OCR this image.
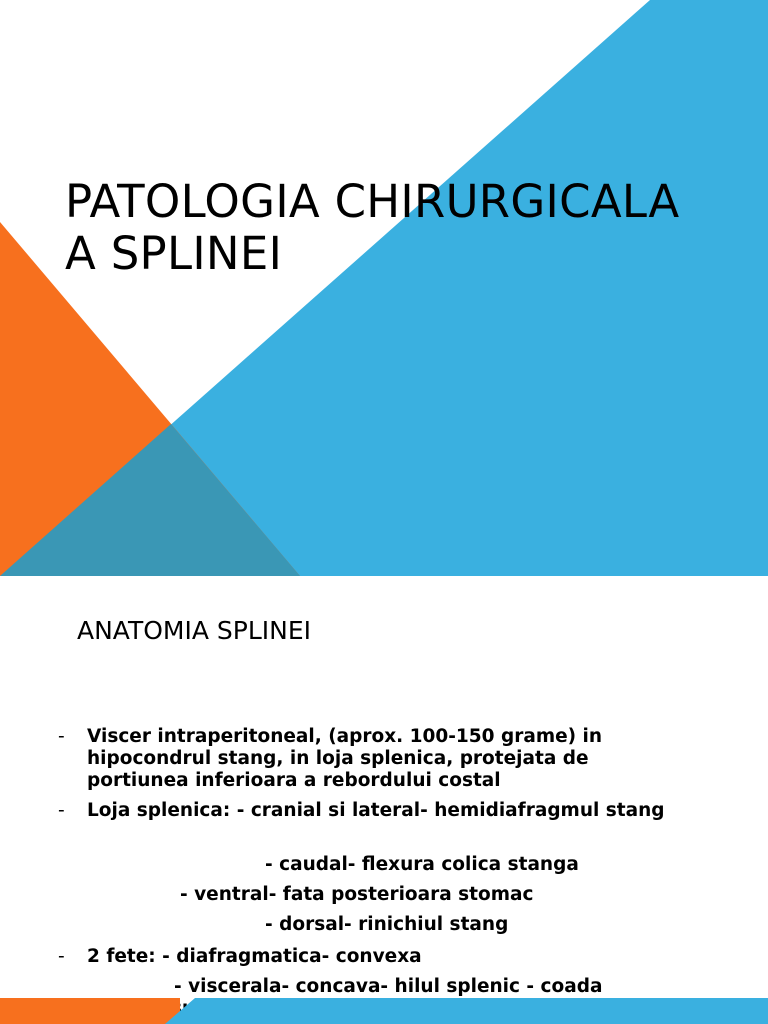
PATOLOGIA CHIRURGICALA
A SPLINEI
ANATOMIA SPLINEI
- Viscer intraperitoneal, (aprox. 100-150 grame) in hipocondrul stang, in loja splenica, protejata de portiunea inferioara a rebordului costal
- Loja splenica: - cranial si lateral- hemidiafragmul stang
- caudal- flexura colica stanga
- ventral- fata posterioara stomac
- dorsal- rinichiul stang
- 2 fete: - diafragmatica- convexa
- viscerala- concava- hilul splenic - coada
